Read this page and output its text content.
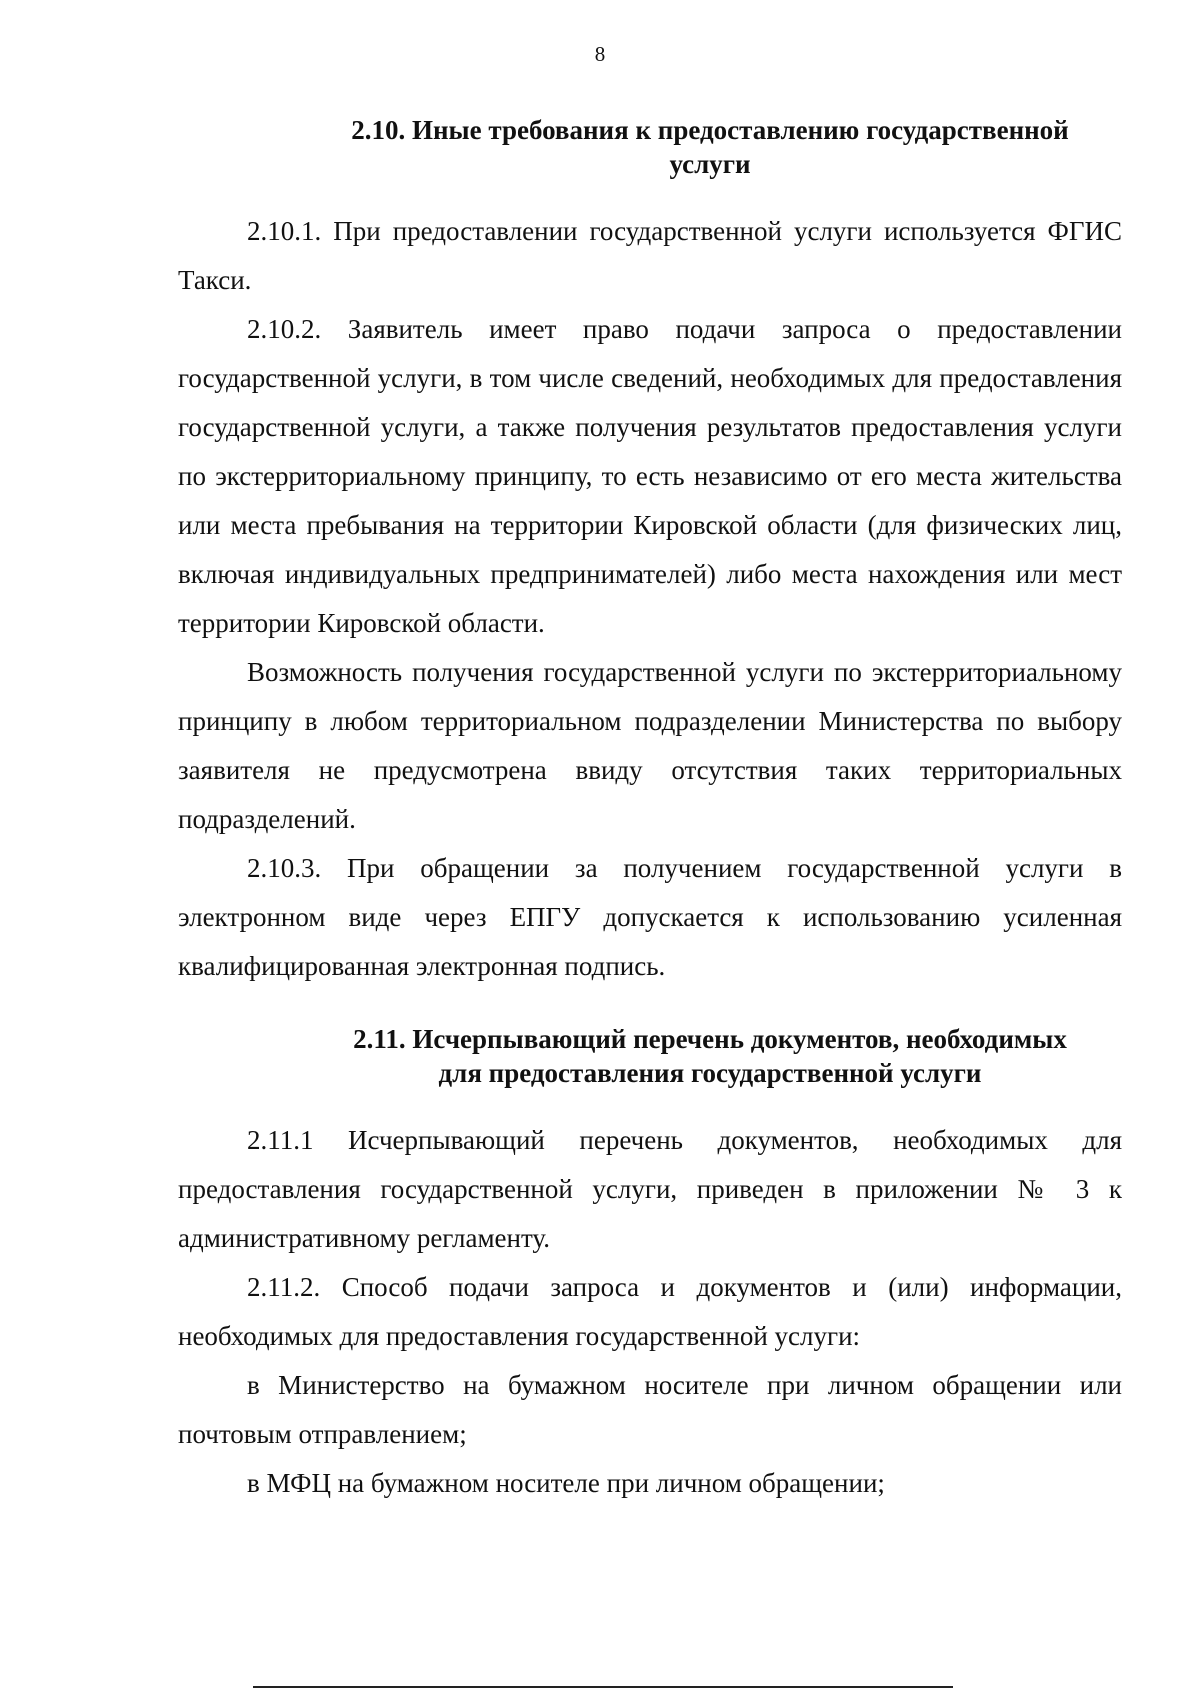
8
2.10. Иные требования к предоставлению государственной
услуги

2.10.1. При предоставлении государственной услуги используется ФГИС Такси.

2.10.2. Заявитель имеет право подачи запроса о предоставлении государственной услуги, в том числе сведений, необходимых для предоставления государственной услуги, а также получения результатов предоставления услуги по экстерриториальному принципу, то есть независимо от его места жительства или места пребывания на территории Кировской области (для физических лиц, включая индивидуальных предпринимателей) либо места нахождения или мест территории Кировской области.

Возможность получения государственной услуги по экстерриториальному принципу в любом территориальном подразделении Министерства по выбору заявителя не предусмотрена ввиду отсутствия таких территориальных подразделений.

2.10.3. При обращении за получением государственной услуги в электронном виде через ЕПГУ допускается к использованию усиленная квалифицированная электронная подпись.

2.11. Исчерпывающий перечень документов, необходимых
для предоставления государственной услуги

2.11.1 Исчерпывающий перечень документов, необходимых для предоставления государственной услуги, приведен в приложении № 3 к административному регламенту.

2.11.2. Способ подачи запроса и документов и (или) информации, необходимых для предоставления государственной услуги:

в Министерство на бумажном носителе при личном обращении или почтовым отправлением;

в МФЦ на бумажном носителе при личном обращении;
